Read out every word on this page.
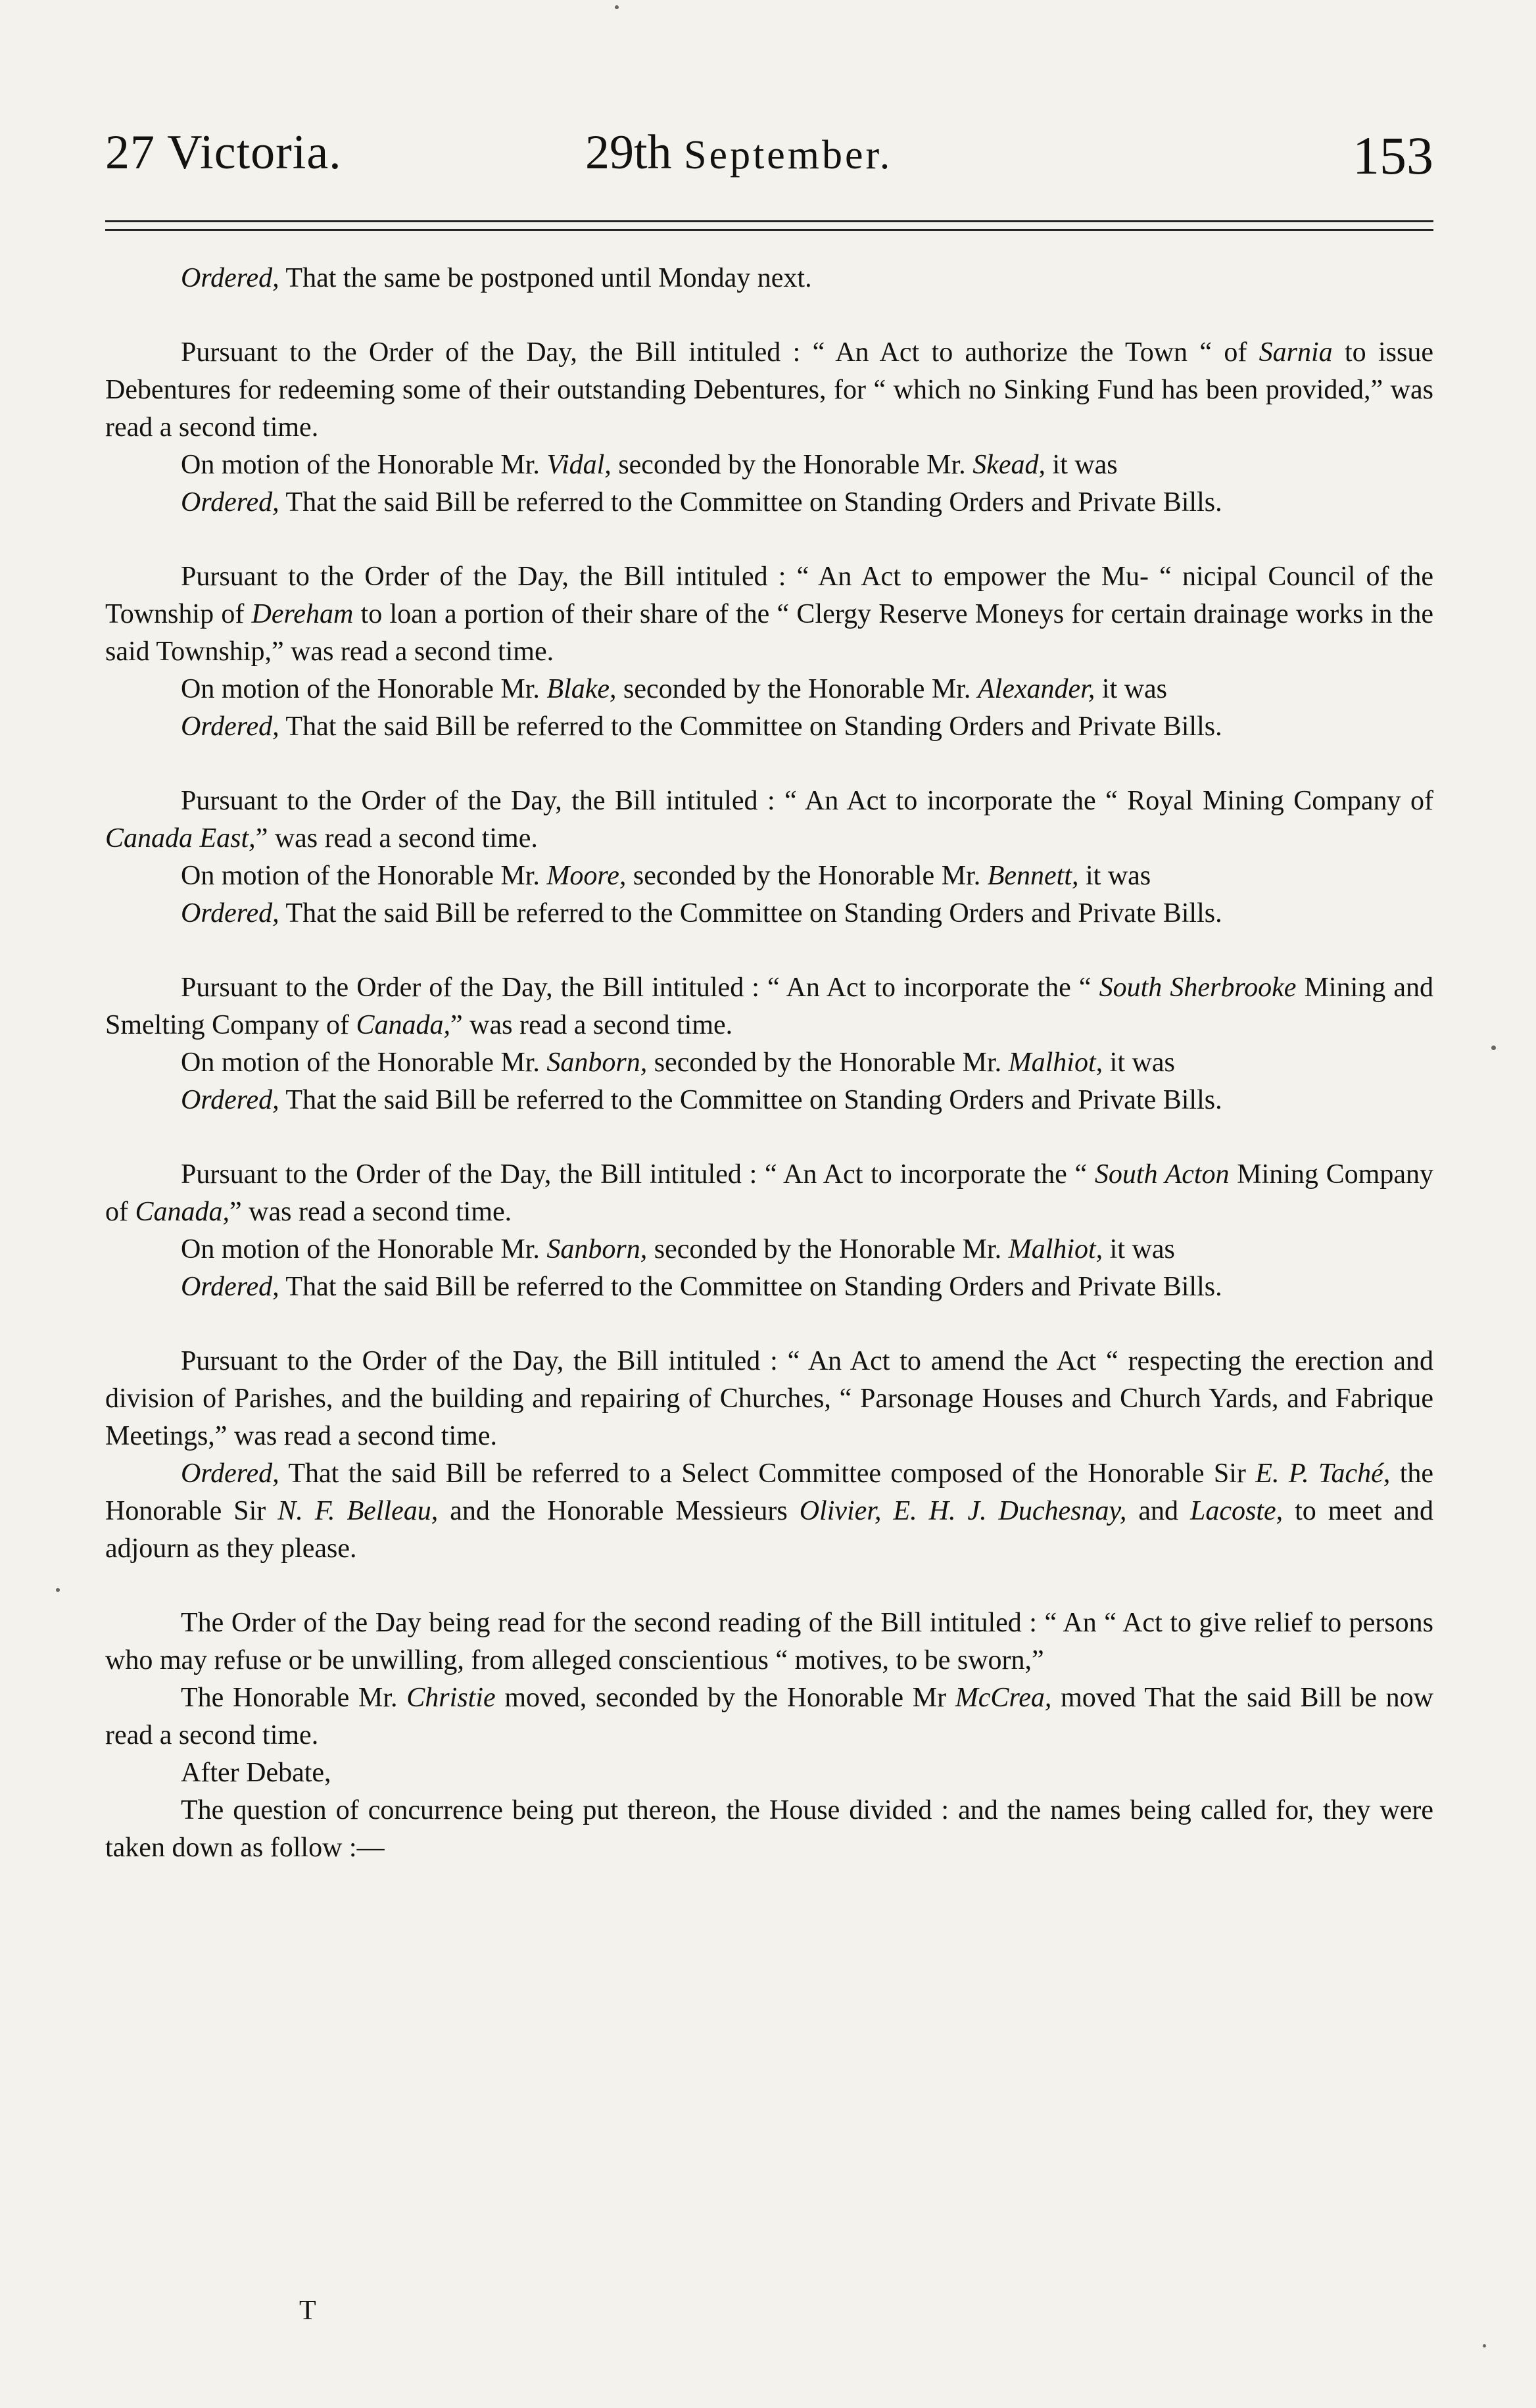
27 Victoria.	29th September.	153

Ordered, That the same be postponed until Monday next.

Pursuant to the Order of the Day, the Bill intituled : “ An Act to authorize the Town “ of Sarnia to issue Debentures for redeeming some of their outstanding Debentures, for “ which no Sinking Fund has been provided,” was read a second time.

On motion of the Honorable Mr. Vidal, seconded by the Honorable Mr. Skead, it was

Ordered, That the said Bill be referred to the Committee on Standing Orders and Private Bills.

Pursuant to the Order of the Day, the Bill intituled : “ An Act to empower the Mu- “ nicipal Council of the Township of Dereham to loan a portion of their share of the “ Clergy Reserve Moneys for certain drainage works in the said Township,” was read a second time.

On motion of the Honorable Mr. Blake, seconded by the Honorable Mr. Alexander, it was

Ordered, That the said Bill be referred to the Committee on Standing Orders and Private Bills.

Pursuant to the Order of the Day, the Bill intituled : “ An Act to incorporate the “ Royal Mining Company of Canada East,” was read a second time.

On motion of the Honorable Mr. Moore, seconded by the Honorable Mr. Bennett, it was

Ordered, That the said Bill be referred to the Committee on Standing Orders and Private Bills.

Pursuant to the Order of the Day, the Bill intituled : “ An Act to incorporate the “ South Sherbrooke Mining and Smelting Company of Canada,” was read a second time.

On motion of the Honorable Mr. Sanborn, seconded by the Honorable Mr. Malhiot, it was

Ordered, That the said Bill be referred to the Committee on Standing Orders and Private Bills.

Pursuant to the Order of the Day, the Bill intituled : “ An Act to incorporate the “ South Acton Mining Company of Canada,” was read a second time.

On motion of the Honorable Mr. Sanborn, seconded by the Honorable Mr. Malhiot, it was

Ordered, That the said Bill be referred to the Committee on Standing Orders and Private Bills.

Pursuant to the Order of the Day, the Bill intituled : “ An Act to amend the Act “ respecting the erection and division of Parishes, and the building and repairing of Churches, “ Parsonage Houses and Church Yards, and Fabrique Meetings,” was read a second time.

Ordered, That the said Bill be referred to a Select Committee composed of the Honorable Sir E. P. Taché, the Honorable Sir N. F. Belleau, and the Honorable Messieurs Olivier, E. H. J. Duchesnay, and Lacoste, to meet and adjourn as they please.

The Order of the Day being read for the second reading of the Bill intituled : “ An “ Act to give relief to persons who may refuse or be unwilling, from alleged conscientious “ motives, to be sworn,”

The Honorable Mr. Christie moved, seconded by the Honorable Mr McCrea, moved That the said Bill be now read a second time.

After Debate,

The question of concurrence being put thereon, the House divided : and the names being called for, they were taken down as follow :—

T
